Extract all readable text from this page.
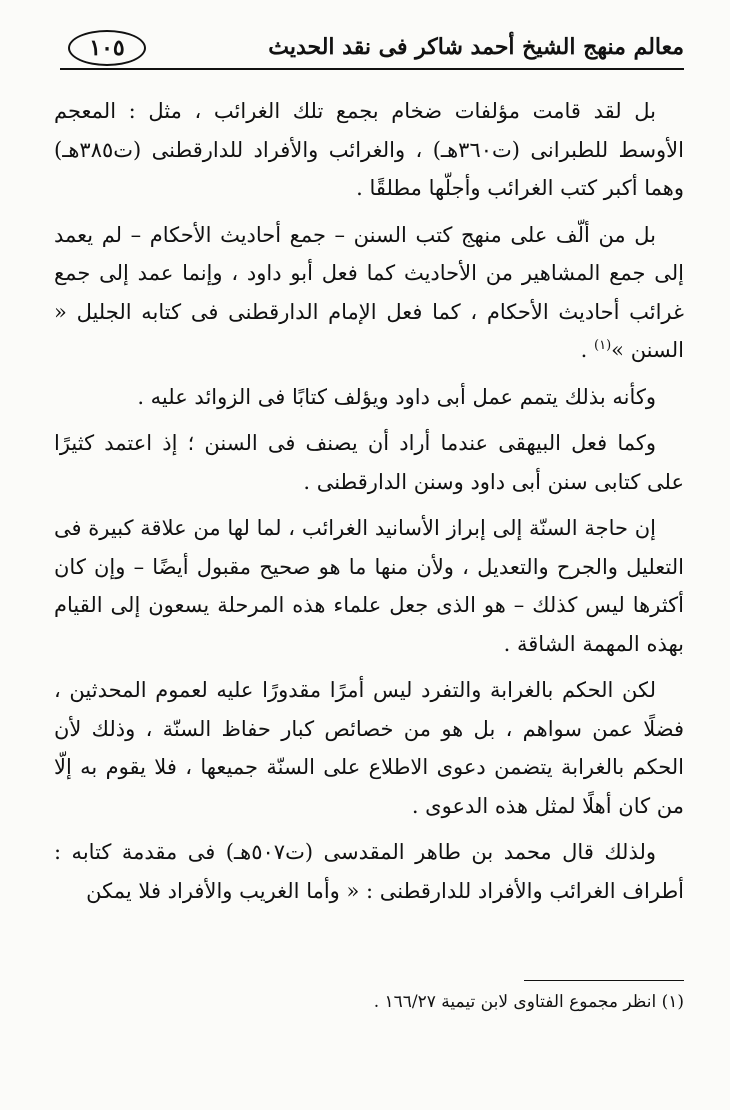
١٠٥	معالم منهج الشيخ أحمد شاكر فى نقد الحديث

بل لقد قامت مؤلفات ضخام بجمع تلك الغرائب ، مثل : المعجم الأوسط للطبرانى (ت٣٦٠هـ) ، والغرائب والأفراد للدارقطنى (ت٣٨٥هـ) وهما أكبر كتب الغرائب وأجلّها مطلقًا .

بل من ألّف على منهج كتب السنن – جمع أحاديث الأحكام – لم يعمد إلى جمع المشاهير من الأحاديث كما فعل أبو داود ، وإنما عمد إلى جمع غرائب أحاديث الأحكام ، كما فعل الإمام الدارقطنى فى كتابه الجليل « السنن »$^{(١)}$ .

وكأنه بذلك يتمم عمل أبى داود ويؤلف كتابًا فى الزوائد عليه .

وكما فعل البيهقى عندما أراد أن يصنف فى السنن ؛ إذ اعتمد كثيرًا على كتابى سنن أبى داود وسنن الدارقطنى .

إن حاجة السنّة إلى إبراز الأسانيد الغرائب ، لما لها من علاقة كبيرة فى التعليل والجرح والتعديل ، ولأن منها ما هو صحيح مقبول أيضًا – وإن كان أكثرها ليس كذلك – هو الذى جعل علماء هذه المرحلة يسعون إلى القيام بهذه المهمة الشاقة .

لكن الحكم بالغرابة والتفرد ليس أمرًا مقدورًا عليه لعموم المحدثين ، فضلًا عمن سواهم ، بل هو من خصائص كبار حفاظ السنّة ، وذلك لأن الحكم بالغرابة يتضمن دعوى الاطلاع على السنّة جميعها ، فلا يقوم به إلّا من كان أهلًا لمثل هذه الدعوى .

ولذلك قال محمد بن طاهر المقدسى (ت٥٠٧هـ) فى مقدمة كتابه : أطراف الغرائب والأفراد للدارقطنى : « وأما الغريب والأفراد فلا يمكن

(١) انظر مجموع الفتاوى لابن تيمية ١٦٦/٢٧ .
